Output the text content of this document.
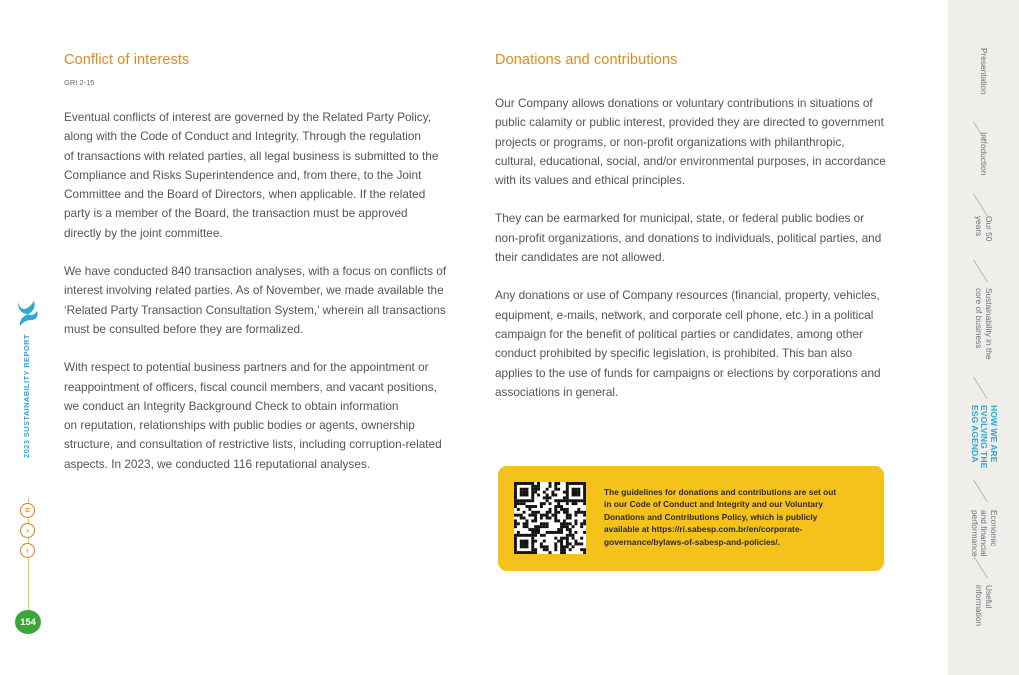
2023 SUSTAINABILITY REPORT
≡
›
‹
154
Conflict of interests
GRI 2-15

Eventual conflicts of interest are governed by the Related Party Policy,
along with the Code of Conduct and Integrity. Through the regulation
of transactions with related parties, all legal business is submitted to the
Compliance and Risks Superintendence and, from there, to the Joint
Committee and the Board of Directors, when applicable. If the related
party is a member of the Board, the transaction must be approved
directly by the joint committee.

We have conducted 840 transaction analyses, with a focus on conflicts of
interest involving related parties. As of November, we made available the
‘Related Party Transaction Consultation System,’ wherein all transactions
must be consulted before they are formalized.

With respect to potential business partners and for the appointment or
reappointment of officers, fiscal council members, and vacant positions,
we conduct an Integrity Background Check to obtain information
on reputation, relationships with public bodies or agents, ownership
structure, and consultation of restrictive lists, including corruption-related
aspects. In 2023, we conducted 116 reputational analyses.

Donations and contributions

Our Company allows donations or voluntary contributions in situations of
public calamity or public interest, provided they are directed to government
projects or programs, or non-profit organizations with philanthropic,
cultural, educational, social, and/or environmental purposes, in accordance
with its values and ethical principles.

They can be earmarked for municipal, state, or federal public bodies or
non-profit organizations, and donations to individuals, political parties, and
their candidates are not allowed.

Any donations or use of Company resources (financial, property, vehicles,
equipment, e-mails, network, and corporate cell phone, etc.) in a political
campaign for the benefit of political parties or candidates, among other
conduct prohibited by specific legislation, is prohibited. This ban also
applies to the use of funds for campaigns or elections by corporations and
associations in general.

The guidelines for donations and contributions are set out
in our Code of Conduct and Integrity and our Voluntary
Donations and Contributions Policy, which is publicly
available at https://ri.sabesp.com.br/en/corporate-
governance/bylaws-of-sabesp-and-policies/.
Presentation
Introduction
Our 50
years
Sustainability in the
core of business
HOW WE ARE
EVOLVING THE
ESG AGENDA
Economic
and financial
performance
Useful
information
